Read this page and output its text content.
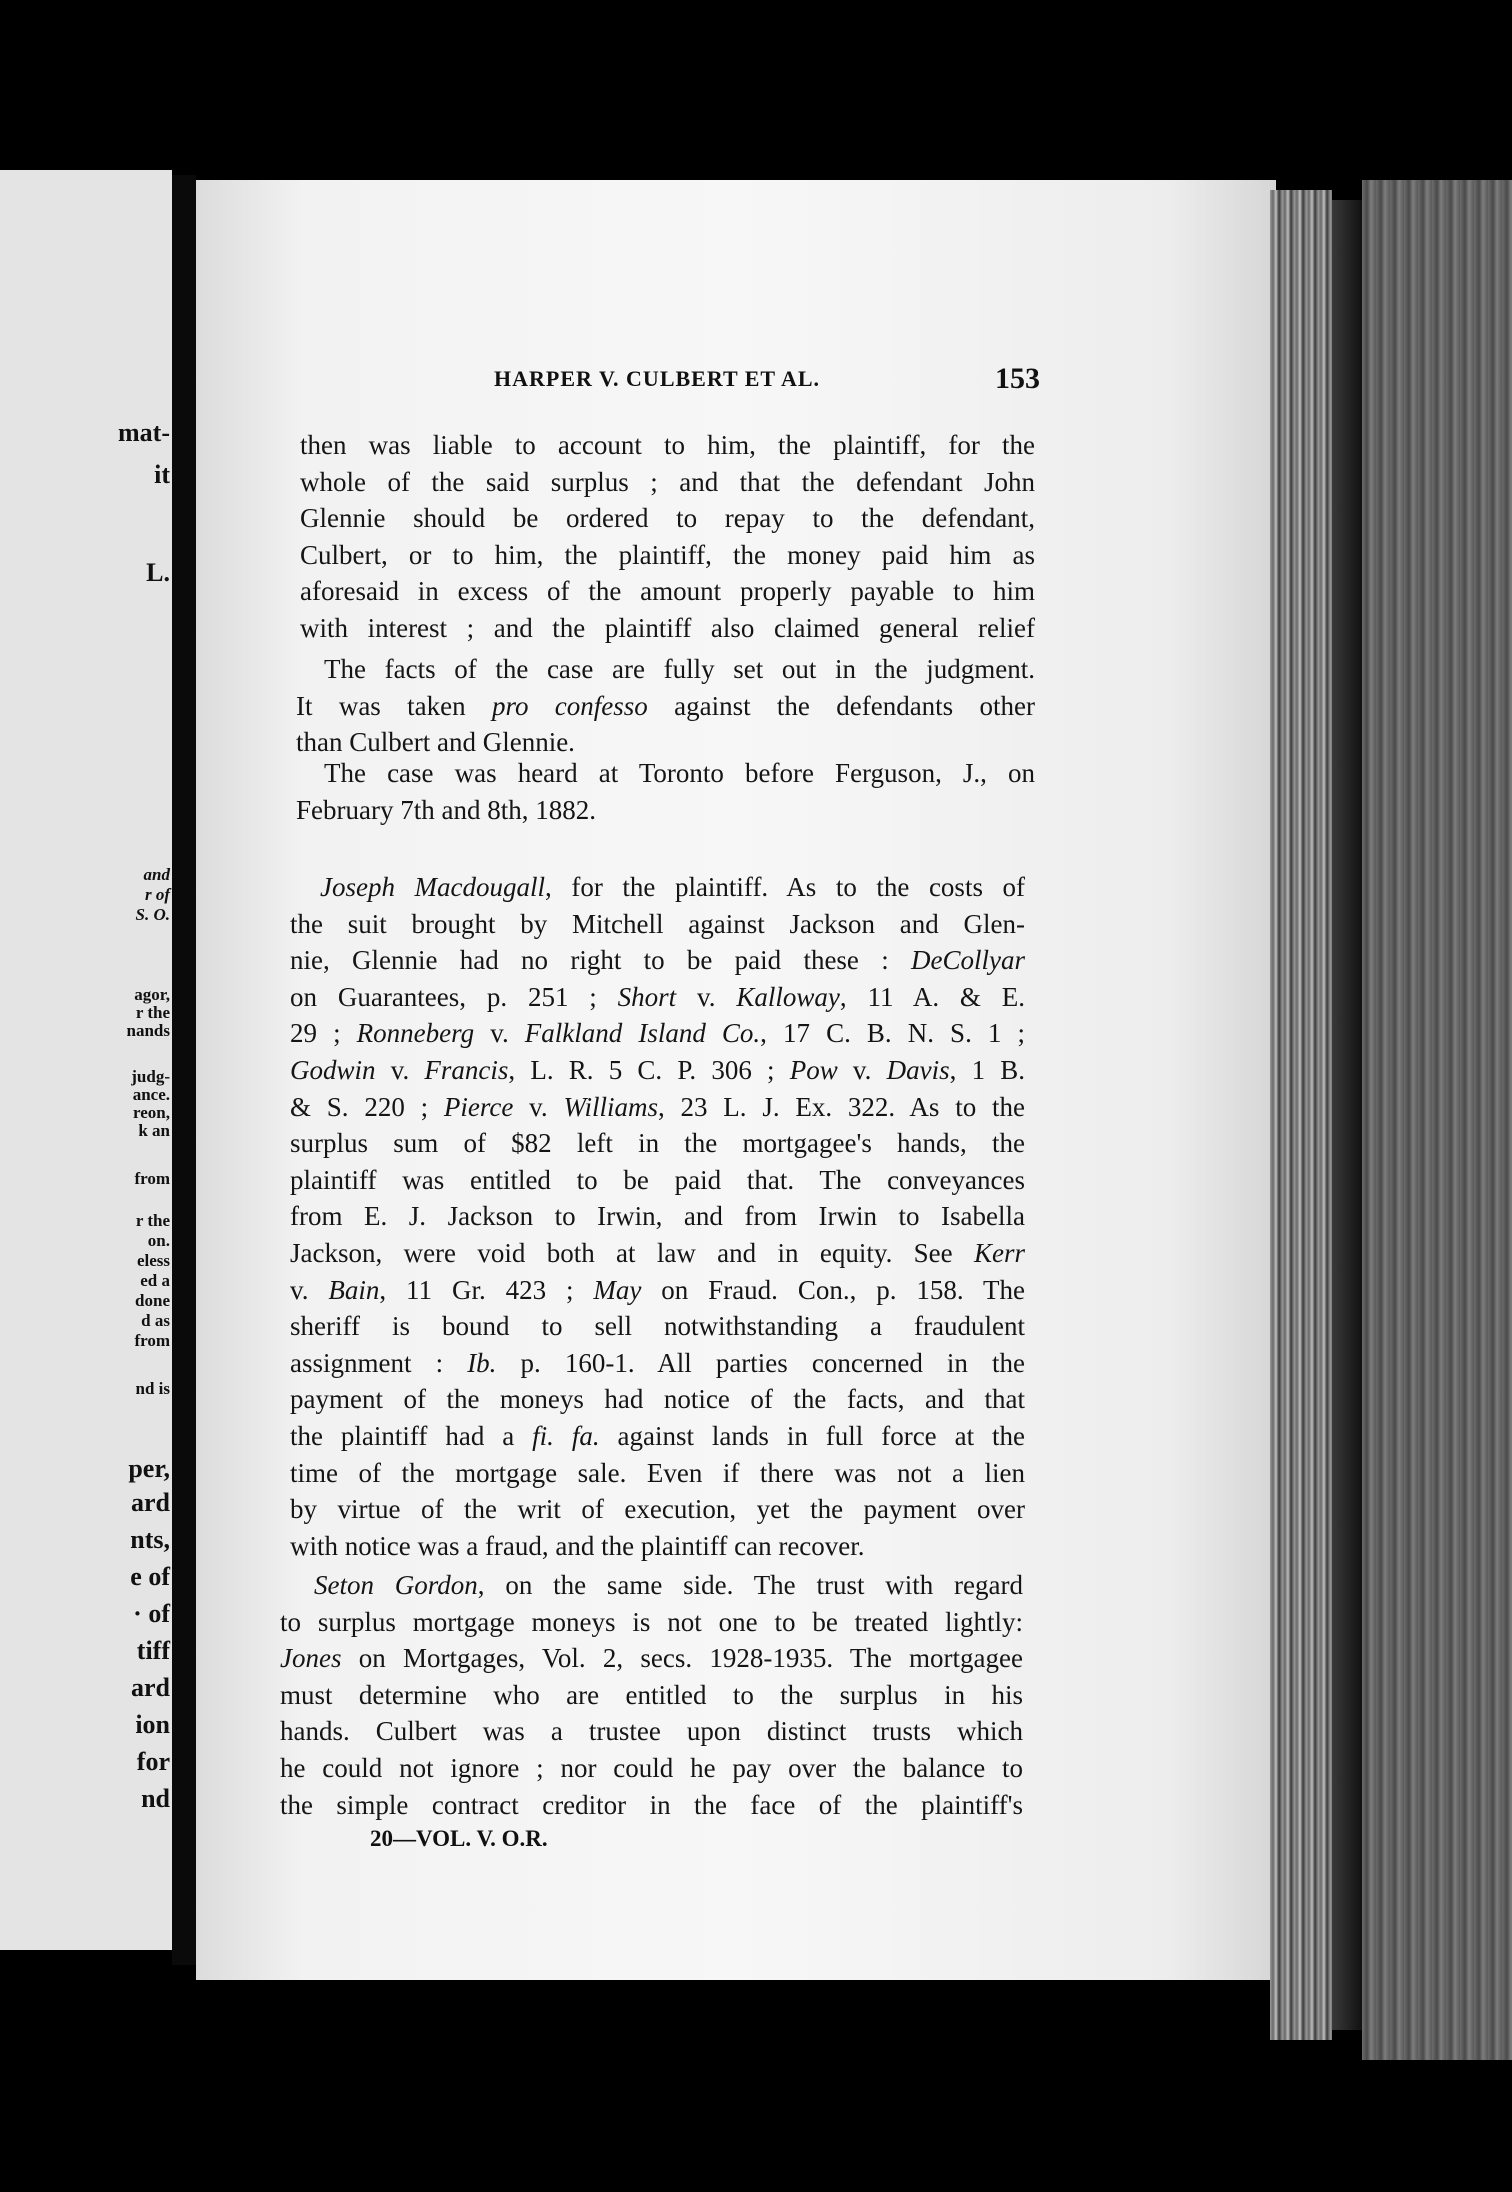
mat-
it
L.
and
r of
S. O.
agor,
r the
nands
judg-
ance.
reon,
k an
from
r the
on.
eless
ed a
done
d as
from
nd is
per,
ard
nts,
e of
· of
tiff
ard
ion
for
nd
HARPER V. CULBERT ET AL.	153
then was liable to account to him, the plaintiff, for the
whole of the said surplus ; and that the defendant John
Glennie should be ordered to repay to the defendant,
Culbert, or to him, the plaintiff, the money paid him as
aforesaid in excess of the amount properly payable to him
with interest ; and the plaintiff also claimed general relief
The facts of the case are fully set out in the judgment.
It was taken pro confesso against the defendants other
than Culbert and Glennie.
The case was heard at Toronto before Ferguson, J., on
February 7th and 8th, 1882.
Joseph Macdougall, for the plaintiff. As to the costs of
the suit brought by Mitchell against Jackson and Glen-
nie, Glennie had no right to be paid these : DeCollyar
on Guarantees, p. 251 ; Short v. Kalloway, 11 A. & E.
29 ; Ronneberg v. Falkland Island Co., 17 C. B. N. S. 1 ;
Godwin v. Francis, L. R. 5 C. P. 306 ; Pow v. Davis, 1 B.
& S. 220 ; Pierce v. Williams, 23 L. J. Ex. 322. As to the
surplus sum of $82 left in the mortgagee's hands, the
plaintiff was entitled to be paid that. The conveyances
from E. J. Jackson to Irwin, and from Irwin to Isabella
Jackson, were void both at law and in equity. See Kerr
v. Bain, 11 Gr. 423 ; May on Fraud. Con., p. 158. The
sheriff is bound to sell notwithstanding a fraudulent
assignment : Ib. p. 160-1. All parties concerned in the
payment of the moneys had notice of the facts, and that
the plaintiff had a fi. fa. against lands in full force at the
time of the mortgage sale. Even if there was not a lien
by virtue of the writ of execution, yet the payment over
with notice was a fraud, and the plaintiff can recover.
Seton Gordon, on the same side. The trust with regard
to surplus mortgage moneys is not one to be treated lightly:
Jones on Mortgages, Vol. 2, secs. 1928-1935. The mortgagee
must determine who are entitled to the surplus in his
hands. Culbert was a trustee upon distinct trusts which
he could not ignore ; nor could he pay over the balance to
the simple contract creditor in the face of the plaintiff's
20—VOL. V. O.R.
